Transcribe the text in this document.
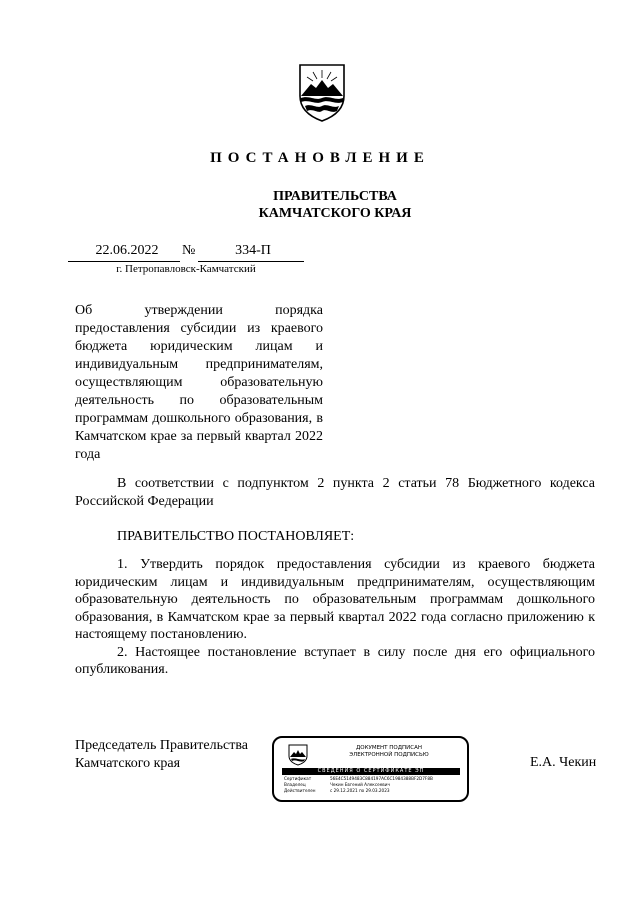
ПОСТАНОВЛЕНИЕ
ПРАВИТЕЛЬСТВА
КАМЧАТСКОГО КРАЯ
22.06.2022	№	334-П
г. Петропавловск-Камчатский

Об утверждении порядка предоставления субсидии из краевого бюджета юридическим лицам и индивидуальным предпринимателям, осуществляющим образовательную деятельность по образовательным программам дошкольного образования, в Камчатском крае за первый квартал 2022 года

В соответствии с подпунктом 2 пункта 2 статьи 78 Бюджетного кодекса Российской Федерации

ПРАВИТЕЛЬСТВО ПОСТАНОВЛЯЕТ:

1. Утвердить порядок предоставления субсидии из краевого бюджета юридическим лицам и индивидуальным предпринимателям, осуществляющим образовательную деятельность по образовательным программам дошкольного образования, в Камчатском крае за первый квартал 2022 года согласно приложению к настоящему постановлению.

2. Настоящее постановление вступает в силу после дня его официального опубликования.

Председатель Правительства
Камчатского края
ДОКУМЕНТ ПОДПИСАН
ЭЛЕКТРОННОЙ ПОДПИСЬЮ
СВЕДЕНИЯ О СЕРТИФИКАТЕ ЭП
Сертификат	56E4C5149483C884197AC6C1984388BF2D7F8B
Владелец	Чекин Евгений Алексеевич
Действителен	с 29.12.2021 по 29.03.2023
Е.А. Чекин
